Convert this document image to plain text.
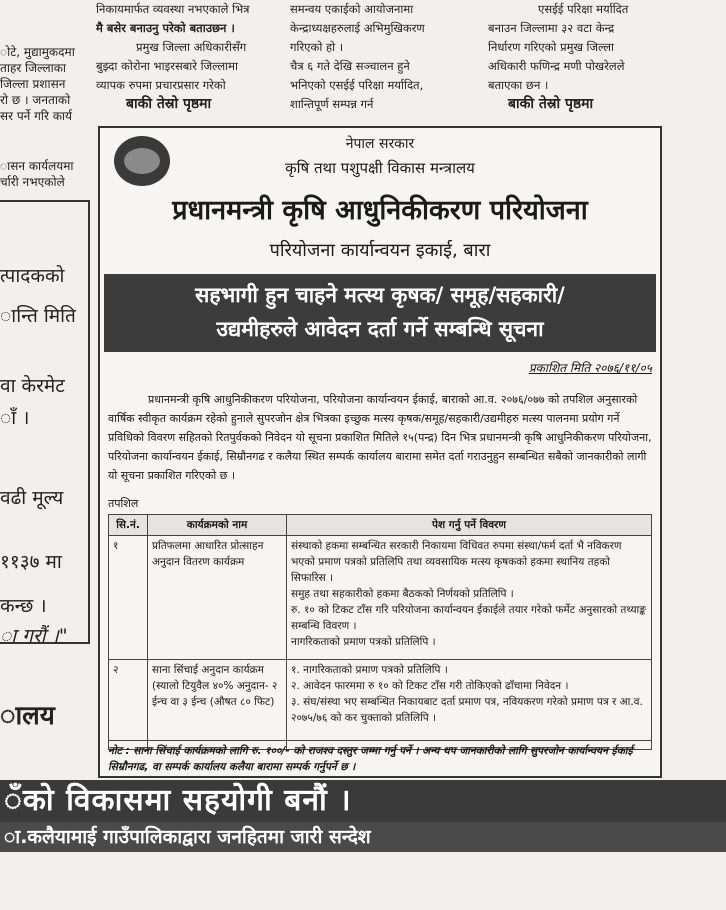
निकायमार्फत व्यवस्था नभएकाले भित्र
मै बसेर बनाउनु परेको बताउछन ।
प्रमुख जिल्ला अधिकारीसँग
बुझ्दा कोरोना भाइरसबारे जिल्लामा
व्यापक रुपमा प्रचारप्रसार गरेको
बाकी तेस्रो पृष्ठमा
समन्वय एकाईको आयोजनामा
केन्द्राध्यक्षहरुलाई अभिमुखिकरण
गरिएको हो ।
चैत्र ६ गते देखि सञ्चालन हुने
भनिएको एसईई परिक्षा मर्यादित,
शान्तिपूर्ण सम्पन्न गर्न
एसईई परिक्षा मर्यादित
बनाउन जिल्लामा ३२ वटा केन्द्र
निर्धारण गरिएको प्रमुख जिल्ला
अधिकारी फणिन्द्र मणी पोखरेलले
बताएका छन ।
बाकी तेस्रो पृष्ठमा
ोटे, मुद्यामुकदमा
ताहर जिल्लाका
जिल्ला प्रशासन
रो छ । जनताको
सर पर्ने गरि कार्य
ासन कार्यलयमा
र्चारी नभएकोले
त्पादकको
ान्ति मिति
वा केरमेट
ाँ ।
वढी मूल्य
११३७ मा
कन्छ ।
ा गरौं ।"
ालय
नेपाल सरकार
कृषि तथा पशुपक्षी विकास मन्त्रालय
प्रधानमन्त्री कृषि आधुनिकीकरण परियोजना
परियोजना कार्यान्वयन इकाई, बारा
सहभागी हुन चाहने मत्स्य कृषक/ समूह/सहकारी/
उद्यमीहरुले आवेदन दर्ता गर्ने सम्बन्धि सूचना
प्रकाशित मिति २०७६/११/०५
प्रधानमन्त्री कृषि आधुनिकीकरण परियोजना, परियोजना कार्यान्वयन ईकाई, बाराको आ.व. २०७६/०७७ को तपशिल अनुसारको वार्षिक स्वीकृत कार्यक्रम रहेको हुनाले सुपरजोन क्षेत्र भित्रका इच्छुक मत्स्य कृषक/समूह/सहकारी/उद्यमीहरु मत्स्य पालनमा प्रयोग गर्ने प्रविधिको विवरण सहितको रितपुर्वकको निवेदन यो सूचना प्रकाशित मितिले १५(पन्द्र) दिन भित्र प्रधानमन्त्री कृषि आधुनिकीकरण परियोजना, परियोजना कार्यान्वयन ईकाई, सिम्रौनगढ र कलैया स्थित सम्पर्क कार्यालय बारामा समेत दर्ता गराउनुहुन सम्बन्धित सबैको जानकारीको लागी यो सूचना प्रकाशित गरिएको छ ।
तपशिल
सि.नं.	कार्यक्रमको नाम	पेश गर्नु पर्ने विवरण
१	प्रतिफलमा आधारित प्रोत्साहन अनुदान वितरण कार्यक्रम	संस्थाको हकमा सम्बन्धित सरकारी निकायमा विधिवत रुपमा संस्था/फर्म दर्ता भै नविकरण भएको प्रमाण पत्रको प्रतिलिपि तथा व्यवसायिक मत्स्य कृषकको हकमा स्थानिय तहको सिफारिस ।
समुह तथा सहकारीको हकमा बैठकको निर्णयको प्रतिलिपि ।
रु. १० को टिकट टाँस गरि परियोजना कार्यान्वयन ईकाईले तयार गरेको फर्मेट अनुसारको तथ्याङ्क सम्बन्धि विवरण ।
नागरिकताको प्रमाण पत्रको प्रतिलिपि ।

२	साना सिंचाई अनुदान कार्यक्रम (स्यालो टियुवैल ४०% अनुदान- २ ईन्च वा ३ ईन्च (औषत ८० फिट)	१. नागरिकताको प्रमाण पत्रको प्रतिलिपि ।
२. आवेदन फारममा रु १० को टिकट टाँस गरी तोकिएको ढाँचामा निवेदन ।
३. संघ/संस्था भए सम्बन्धित निकायबाट दर्ता प्रमाण पत्र, नवियकरण गरेको प्रमाण पत्र र आ.व. २०७५/७६ को कर चुक्ताको प्रतिलिपि ।
नोट : साना सिंचाई कार्यक्रमको लागि रु. १००/- को राजश्व दस्तुर जम्मा गर्नु पर्ने । अन्य थप जानकारीको लागि सुपरजोन कार्यान्वयन ईकाई सिम्रौनगढ, वा सम्पर्क कार्यालय कलैया बारामा सम्पर्क गर्नुपर्ने छ ।
ँको विकासमा सहयोगी बनौं ।
ा.कलैयामाई गाउँपालिकाद्वारा जनहितमा जारी सन्देश
